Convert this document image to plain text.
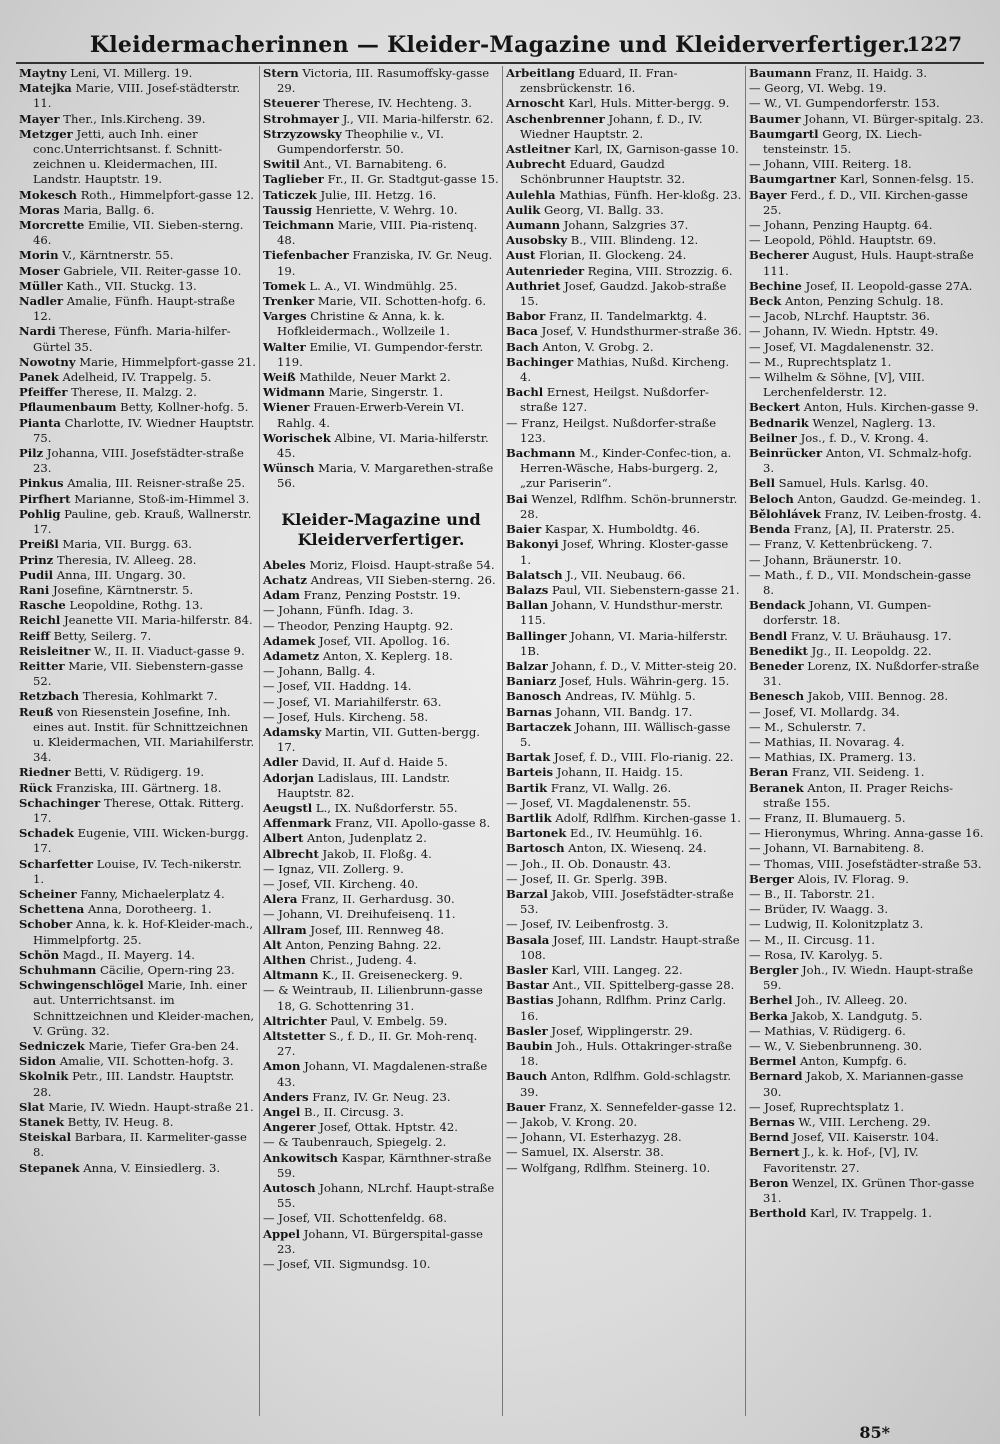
Kleidermacherinnen — Kleider-Magazine und Kleiderverfertiger.
1227

Maytny Leni, VI. Millerg. 19.

Matejka Marie, VIII. Josef-städterstr. 11.

Mayer Ther., Inls.Kircheng. 39.

Metzger Jetti, auch Inh. einer conc.Unterrichtsanst. f. Schnitt-zeichnen u. Kleidermachen, III. Landstr. Hauptstr. 19.

Mokesch Roth., Himmelpfort-gasse 12.

Moras Maria, Ballg. 6.

Morcrette Emilie, VII. Sieben-sterng. 46.

Morin V., Kärntnerstr. 55.

Moser Gabriele, VII. Reiter-gasse 10.

Müller Kath., VII. Stuckg. 13.

Nadler Amalie, Fünfh. Haupt-straße 12.

Nardi Therese, Fünfh. Maria-hilfer-Gürtel 35.

Nowotny Marie, Himmelpfort-gasse 21.

Panek Adelheid, IV. Trappelg. 5.

Pfeiffer Therese, II. Malzg. 2.

Pflaumenbaum Betty, Kollner-hofg. 5.

Pianta Charlotte, IV. Wiedner Hauptstr. 75.

Pilz Johanna, VIII. Josefstädter-straße 23.

Pinkus Amalia, III. Reisner-straße 25.

Pirfhert Marianne, Stoß-im-Himmel 3.

Pohlig Pauline, geb. Krauß, Wallnerstr. 17.

Preißl Maria, VII. Burgg. 63.

Prinz Theresia, IV. Alleeg. 28.

Pudil Anna, III. Ungarg. 30.

Rani Josefine, Kärntnerstr. 5.

Rasche Leopoldine, Rothg. 13.

Reichl Jeanette VII. Maria-hilferstr. 84.

Reiff Betty, Seilerg. 7.

Reisleitner W., II. II. Viaduct-gasse 9.

Reitter Marie, VII. Siebenstern-gasse 52.

Retzbach Theresia, Kohlmarkt 7.

Reuß von Riesenstein Josefine, Inh. eines aut. Instit. für Schnittzeichnen u. Kleidermachen, VII. Mariahilferstr. 34.

Riedner Betti, V. Rüdigerg. 19.

Rück Franziska, III. Gärtnerg. 18.

Schachinger Therese, Ottak. Ritterg. 17.

Schadek Eugenie, VIII. Wicken-burgg. 17.

Scharfetter Louise, IV. Tech-nikerstr. 1.

Scheiner Fanny, Michaelerplatz 4.

Schettena Anna, Dorotheerg. 1.

Schober Anna, k. k. Hof-Kleider-mach., Himmelpfortg. 25.

Schön Magd., II. Mayerg. 14.

Schuhmann Cäcilie, Opern-ring 23.

Schwingenschlögel Marie, Inh. einer aut. Unterrichtsanst. im Schnittzeichnen und Kleider-machen, V. Grüng. 32.

Sedniczek Marie, Tiefer Gra-ben 24.

Sidon Amalie, VII. Schotten-hofg. 3.

Skolnik Petr., III. Landstr. Hauptstr. 28.

Slat Marie, IV. Wiedn. Haupt-straße 21.

Stanek Betty, IV. Heug. 8.

Steiskal Barbara, II. Karmeliter-gasse 8.

Stepanek Anna, V. Einsiedlerg. 3.

Stern Victoria, III. Rasumoffsky-gasse 29.

Steuerer Therese, IV. Hechteng. 3.

Strohmayer J., VII. Maria-hilferstr. 62.

Strzyzowsky Theophilie v., VI. Gumpendorferstr. 50.

Switil Ant., VI. Barnabiteng. 6.

Taglieber Fr., II. Gr. Stadtgut-gasse 15.

Taticzek Julie, III. Hetzg. 16.

Taussig Henriette, V. Wehrg. 10.

Teichmann Marie, VIII. Pia-ristenq. 48.

Tiefenbacher Franziska, IV. Gr. Neug. 19.

Tomek L. A., VI. Windmühlg. 25.

Trenker Marie, VII. Schotten-hofg. 6.

Varges Christine & Anna, k. k. Hofkleidermach., Wollzeile 1.

Walter Emilie, VI. Gumpendor-ferstr. 119.

Weiß Mathilde, Neuer Markt 2.

Widmann Marie, Singerstr. 1.

Wiener Frauen-Erwerb-Verein VI. Rahlg. 4.

Worischek Albine, VI. Maria-hilferstr. 45.

Wünsch Maria, V. Margarethen-straße 56.

Kleider-Magazine und
Kleiderverfertiger.

Abeles Moriz, Floisd. Haupt-straße 54.

Achatz Andreas, VII Sieben-sterng. 26.

Adam Franz, Penzing Poststr. 19.

— Johann, Fünfh. Idag. 3.

— Theodor, Penzing Hauptg. 92.

Adamek Josef, VII. Apollog. 16.

Adametz Anton, X. Keplerg. 18.

— Johann, Ballg. 4.

— Josef, VII. Haddng. 14.

— Josef, VI. Mariahilferstr. 63.

— Josef, Huls. Kircheng. 58.

Adamsky Martin, VII. Gutten-bergg. 17.

Adler David, II. Auf d. Haide 5.

Adorjan Ladislaus, III. Landstr. Hauptstr. 82.

Aeugstl L., IX. Nußdorferstr. 55.

Affenmark Franz, VII. Apollo-gasse 8.

Albert Anton, Judenplatz 2.

Albrecht Jakob, II. Floßg. 4.

— Ignaz, VII. Zollerg. 9.

— Josef, VII. Kircheng. 40.

Alera Franz, II. Gerhardusg. 30.

— Johann, VI. Dreihufeisenq. 11.

Allram Josef, III. Rennweg 48.

Alt Anton, Penzing Bahng. 22.

Althen Christ., Judeng. 4.

Altmann K., II. Greiseneckerg. 9.

— & Weintraub, II. Lilienbrunn-gasse 18, G. Schottenring 31.

Altrichter Paul, V. Embelg. 59.

Altstetter S., f. D., II. Gr. Moh-renq. 27.

Amon Johann, VI. Magdalenen-straße 43.

Anders Franz, IV. Gr. Neug. 23.

Angel B., II. Circusg. 3.

Angerer Josef, Ottak. Hptstr. 42.

— & Taubenrauch, Spiegelg. 2.

Ankowitsch Kaspar, Kärnthner-straße 59.

Autosch Johann, NLrchf. Haupt-straße 55.

— Josef, VII. Schottenfeldg. 68.

Appel Johann, VI. Bürgerspital-gasse 23.

— Josef, VII. Sigmundsg. 10.

Arbeitlang Eduard, II. Fran-zensbrückenstr. 16.

Arnoscht Karl, Huls. Mitter-bergg. 9.

Aschenbrenner Johann, f. D., IV. Wiedner Hauptstr. 2.

Astleitner Karl, IX, Garnison-gasse 10.

Aubrecht Eduard, Gaudzd Schönbrunner Hauptstr. 32.

Aulehla Mathias, Fünfh. Her-kloßg. 23.

Aulik Georg, VI. Ballg. 33.

Aumann Johann, Salzgries 37.

Ausobsky B., VIII. Blindeng. 12.

Aust Florian, II. Glockeng. 24.

Autenrieder Regina, VIII. Strozzig. 6.

Authriet Josef, Gaudzd. Jakob-straße 15.

Babor Franz, II. Tandelmarktg. 4.

Baca Josef, V. Hundsthurmer-straße 36.

Bach Anton, V. Grobg. 2.

Bachinger Mathias, Nußd. Kircheng. 4.

Bachl Ernest, Heilgst. Nußdorfer-straße 127.

— Franz, Heilgst. Nußdorfer-straße 123.

Bachmann M., Kinder-Confec-tion, a. Herren-Wäsche, Habs-burgerg. 2, „zur Pariserin“.

Bai Wenzel, Rdlfhm. Schön-brunnerstr. 28.

Baier Kaspar, X. Humboldtg. 46.

Bakonyi Josef, Whring. Kloster-gasse 1.

Balatsch J., VII. Neubaug. 66.

Balazs Paul, VII. Siebenstern-gasse 21.

Ballan Johann, V. Hundsthur-merstr. 115.

Ballinger Johann, VI. Maria-hilferstr. 1B.

Balzar Johann, f. D., V. Mitter-steig 20.

Baniarz Josef, Huls. Währin-gerg. 15.

Banosch Andreas, IV. Mühlg. 5.

Barnas Johann, VII. Bandg. 17.

Bartaczek Johann, III. Wällisch-gasse 5.

Bartak Josef, f. D., VIII. Flo-rianig. 22.

Barteis Johann, II. Haidg. 15.

Bartik Franz, VI. Wallg. 26.

— Josef, VI. Magdalenenstr. 55.

Bartlik Adolf, Rdlfhm. Kirchen-gasse 1.

Bartonek Ed., IV. Heumühlg. 16.

Bartosch Anton, IX. Wiesenq. 24.

— Joh., II. Ob. Donaustr. 43.

— Josef, II. Gr. Sperlg. 39B.

Barzal Jakob, VIII. Josefstädter-straße 53.

— Josef, IV. Leibenfrostg. 3.

Basala Josef, III. Landstr. Haupt-straße 108.

Basler Karl, VIII. Langeg. 22.

Bastar Ant., VII. Spittelberg-gasse 28.

Bastias Johann, Rdlfhm. Prinz Carlg. 16.

Basler Josef, Wipplingerstr. 29.

Baubin Joh., Huls. Ottakringer-straße 18.

Bauch Anton, Rdlfhm. Gold-schlagstr. 39.

Bauer Franz, X. Sennefelder-gasse 12.

— Jakob, V. Krong. 20.

— Johann, VI. Esterhazyg. 28.

— Samuel, IX. Alserstr. 38.

— Wolfgang, Rdlfhm. Steinerg. 10.

Baumann Franz, II. Haidg. 3.

— Georg, VI. Webg. 19.

— W., VI. Gumpendorferstr. 153.

Baumer Johann, VI. Bürger-spitalg. 23.

Baumgartl Georg, IX. Liech-tensteinstr. 15.

— Johann, VIII. Reiterg. 18.

Baumgartner Karl, Sonnen-felsg. 15.

Bayer Ferd., f. D., VII. Kirchen-gasse 25.

— Johann, Penzing Hauptg. 64.

— Leopold, Pöhld. Hauptstr. 69.

Becherer August, Huls. Haupt-straße 111.

Bechine Josef, II. Leopold-gasse 27A.

Beck Anton, Penzing Schulg. 18.

— Jacob, NLrchf. Hauptstr. 36.

— Johann, IV. Wiedn. Hptstr. 49.

— Josef, VI. Magdalenenstr. 32.

— M., Ruprechtsplatz 1.

— Wilhelm & Söhne, [V], VIII. Lerchenfelderstr. 12.

Beckert Anton, Huls. Kirchen-gasse 9.

Bednarik Wenzel, Naglerg. 13.

Beilner Jos., f. D., V. Krong. 4.

Beinrücker Anton, VI. Schmalz-hofg. 3.

Bell Samuel, Huls. Karlsg. 40.

Beloch Anton, Gaudzd. Ge-meindeg. 1.

Bělohlávek Franz, IV. Leiben-frostg. 4.

Benda Franz, [A], II. Praterstr. 25.

— Franz, V. Kettenbrückeng. 7.

— Johann, Bräunerstr. 10.

— Math., f. D., VII. Mondschein-gasse 8.

Bendack Johann, VI. Gumpen-dorferstr. 18.

Bendl Franz, V. U. Bräuhausg. 17.

Benedikt Jg., II. Leopoldg. 22.

Beneder Lorenz, IX. Nußdorfer-straße 31.

Benesch Jakob, VIII. Bennog. 28.

— Josef, VI. Mollardg. 34.

— M., Schulerstr. 7.

— Mathias, II. Novarag. 4.

— Mathias, IX. Pramerg. 13.

Beran Franz, VII. Seideng. 1.

Beranek Anton, II. Prager Reichs-straße 155.

— Franz, II. Blumauerg. 5.

— Hieronymus, Whring. Anna-gasse 16.

— Johann, VI. Barnabiteng. 8.

— Thomas, VIII. Josefstädter-straße 53.

Berger Alois, IV. Florag. 9.

— B., II. Taborstr. 21.

— Brüder, IV. Waagg. 3.

— Ludwig, II. Kolonitzplatz 3.

— M., II. Circusg. 11.

— Rosa, IV. Karolyg. 5.

Bergler Joh., IV. Wiedn. Haupt-straße 59.

Berhel Joh., IV. Alleeg. 20.

Berka Jakob, X. Landgutg. 5.

— Mathias, V. Rüdigerg. 6.

— W., V. Siebenbrunneng. 30.

Bermel Anton, Kumpfg. 6.

Bernard Jakob, X. Mariannen-gasse 30.

— Josef, Ruprechtsplatz 1.

Bernas W., VIII. Lercheng. 29.

Bernd Josef, VII. Kaiserstr. 104.

Bernert J., k. k. Hof-, [V], IV. Favoritenstr. 27.

Beron Wenzel, IX. Grünen Thor-gasse 31.

Berthold Karl, IV. Trappelg. 1.

85*
